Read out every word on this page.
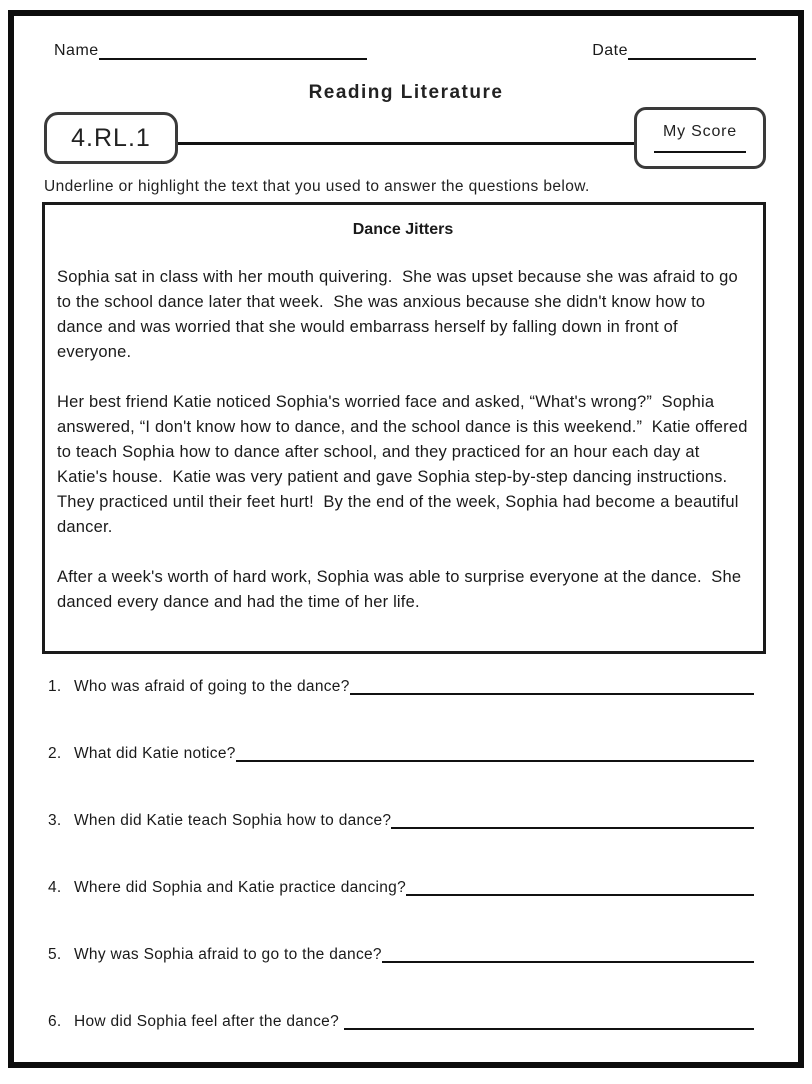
Name	Date
Reading Literature
4.RL.1	My Score
Underline or highlight the text that you used to answer the questions below.
Dance Jitters

Sophia sat in class with her mouth quivering.  She was upset because she was afraid to go to the school dance later that week.  She was anxious because she didn't know how to dance and was worried that she would embarrass herself by falling down in front of everyone.

Her best friend Katie noticed Sophia's worried face and asked, “What's wrong?”  Sophia answered, “I don't know how to dance, and the school dance is this weekend.”  Katie offered to teach Sophia how to dance after school, and they practiced for an hour each day at Katie's house.  Katie was very patient and gave Sophia step-by-step dancing instructions.  They practiced until their feet hurt!  By the end of the week, Sophia had become a beautiful dancer.

After a week's worth of hard work, Sophia was able to surprise everyone at the dance.  She danced every dance and had the time of her life.

1. Who was afraid of going to the dance?
2. What did Katie notice?
3. When did Katie teach Sophia how to dance?
4. Where did Sophia and Katie practice dancing?
5. Why was Sophia afraid to go to the dance?
6. How did Sophia feel after the dance?
